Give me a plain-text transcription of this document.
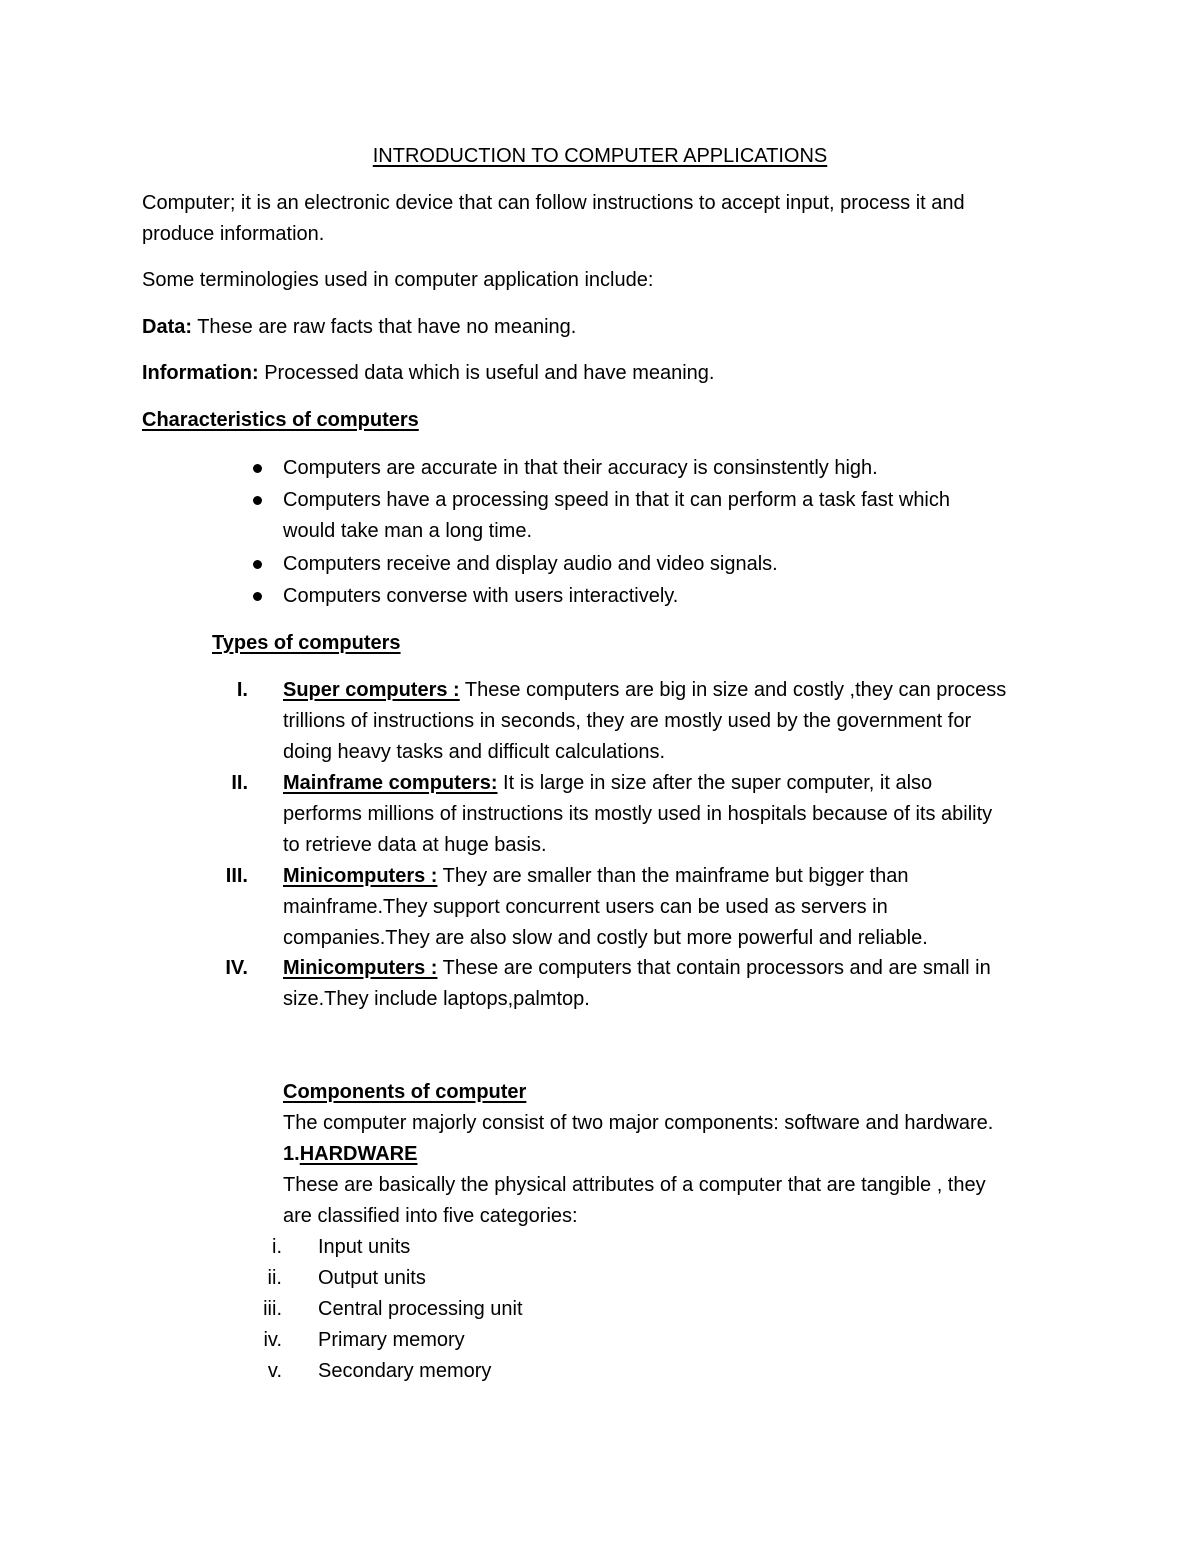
INTRODUCTION TO COMPUTER APPLICATIONS

Computer; it is an electronic device that can follow instructions to accept input, process it and

produce information.

Some terminologies used in computer application include:

Data: These are raw facts that have no meaning.

Information: Processed data which is useful and have meaning.

Characteristics of computers

Computers are accurate in that their accuracy is consinstently high.

Computers have a processing speed in that it can perform a task fast which

would take man a long time.

Computers receive and display audio and video signals.

Computers converse with users interactively.

Types of computers

I. Super computers : These computers are big in size and costly ,they can process

trillions of instructions in seconds, they are mostly used by the government for

doing heavy tasks and difficult calculations.

II. Mainframe computers: It is large in size after the super computer, it also

performs millions of instructions its mostly used in hospitals because of its ability

to retrieve data at huge basis.

III. Minicomputers : They are smaller than the mainframe but bigger than

mainframe.They support concurrent users can be used as servers in

companies.They are also slow and costly but more powerful and reliable.

IV. Minicomputers : These are computers that contain processors and are small in

size.They include laptops,palmtop.

Components of computer

The computer majorly consist of two major components: software and hardware.

1.HARDWARE

These are basically the physical attributes of a computer that are tangible , they

are classified into five categories:

i. Input units

ii. Output units

iii. Central processing unit

iv. Primary memory

v. Secondary memory
